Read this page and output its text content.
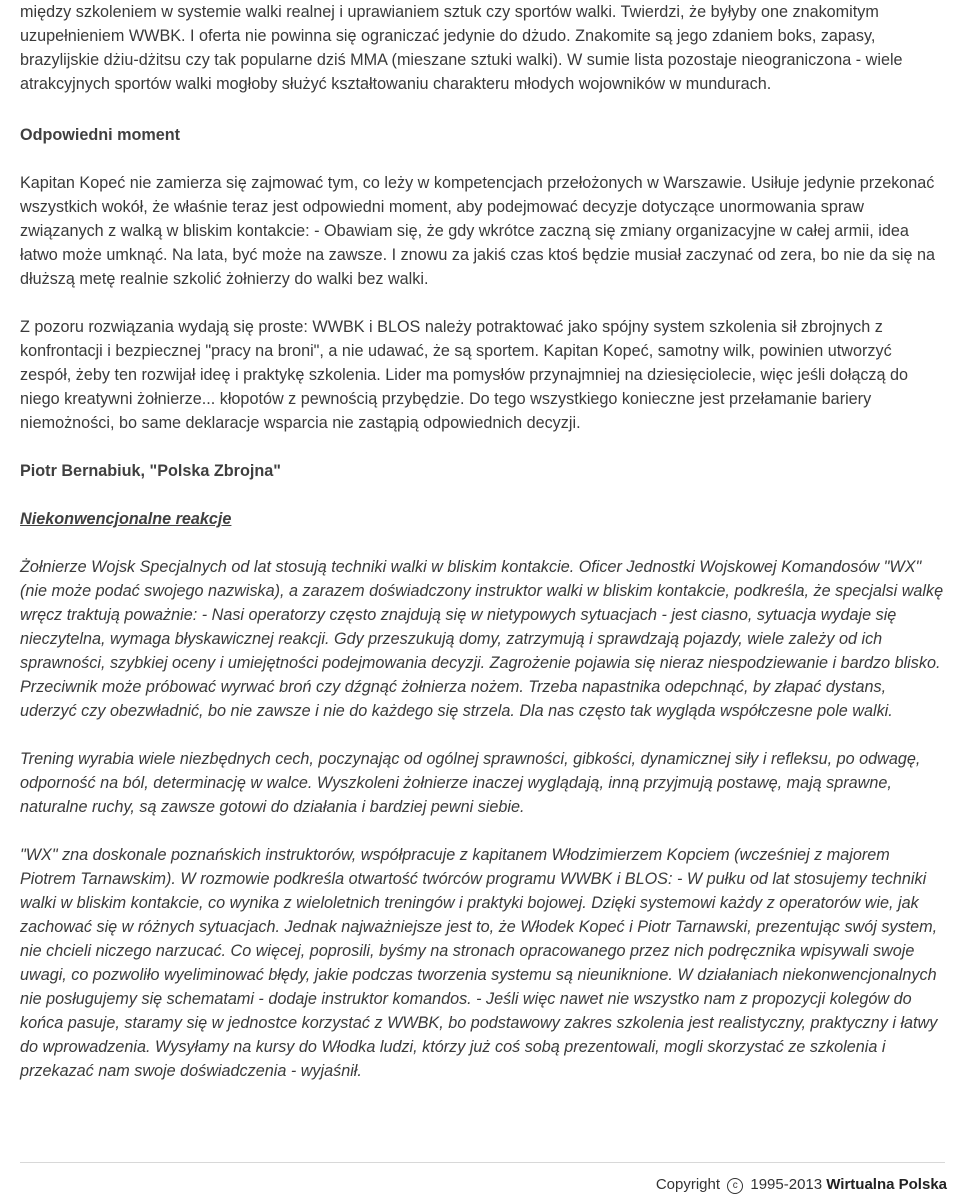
między szkoleniem w systemie walki realnej i uprawianiem sztuk czy sportów walki. Twierdzi, że byłyby one znakomitym uzupełnieniem WWBK. I oferta nie powinna się ograniczać jedynie do dżudo. Znakomite są jego zdaniem boks, zapasy, brazylijskie dżiu-dżitsu czy tak popularne dziś MMA (mieszane sztuki walki). W sumie lista pozostaje nieograniczona - wiele atrakcyjnych sportów walki mogłoby służyć kształtowaniu charakteru młodych wojowników w mundurach.

Odpowiedni moment

Kapitan Kopeć nie zamierza się zajmować tym, co leży w kompetencjach przełożonych w Warszawie. Usiłuje jedynie przekonać wszystkich wokół, że właśnie teraz jest odpowiedni moment, aby podejmować decyzje dotyczące unormowania spraw związanych z walką w bliskim kontakcie: - Obawiam się, że gdy wkrótce zaczną się zmiany organizacyjne w całej armii, idea łatwo może umknąć. Na lata, być może na zawsze. I znowu za jakiś czas ktoś będzie musiał zaczynać od zera, bo nie da się na dłuższą metę realnie szkolić żołnierzy do walki bez walki.

Z pozoru rozwiązania wydają się proste: WWBK i BLOS należy potraktować jako spójny system szkolenia sił zbrojnych z konfrontacji i bezpiecznej "pracy na broni", a nie udawać, że są sportem. Kapitan Kopeć, samotny wilk, powinien utworzyć zespół, żeby ten rozwijał ideę i praktykę szkolenia. Lider ma pomysłów przynajmniej na dziesięciolecie, więc jeśli dołączą do niego kreatywni żołnierze... kłopotów z pewnością przybędzie. Do tego wszystkiego konieczne jest przełamanie bariery niemożności, bo same deklaracje wsparcia nie zastąpią odpowiednich decyzji.

Piotr Bernabiuk, "Polska Zbrojna"

Niekonwencjonalne reakcje

Żołnierze Wojsk Specjalnych od lat stosują techniki walki w bliskim kontakcie. Oficer Jednostki Wojskowej Komandosów "WX" (nie może podać swojego nazwiska), a zarazem doświadczony instruktor walki w bliskim kontakcie, podkreśla, że specjalsi walkę wręcz traktują poważnie: - Nasi operatorzy często znajdują się w nietypowych sytuacjach - jest ciasno, sytuacja wydaje się nieczytelna, wymaga błyskawicznej reakcji. Gdy przeszukują domy, zatrzymują i sprawdzają pojazdy, wiele zależy od ich sprawności, szybkiej oceny i umiejętności podejmowania decyzji. Zagrożenie pojawia się nieraz niespodziewanie i bardzo blisko. Przeciwnik może próbować wyrwać broń czy dźgnąć żołnierza nożem. Trzeba napastnika odepchnąć, by złapać dystans, uderzyć czy obezwładnić, bo nie zawsze i nie do każdego się strzela. Dla nas często tak wygląda współczesne pole walki.

Trening wyrabia wiele niezbędnych cech, poczynając od ogólnej sprawności, gibkości, dynamicznej siły i refleksu, po odwagę, odporność na ból, determinację w walce. Wyszkoleni żołnierze inaczej wyglądają, inną przyjmują postawę, mają sprawne, naturalne ruchy, są zawsze gotowi do działania i bardziej pewni siebie.

"WX" zna doskonale poznańskich instruktorów, współpracuje z kapitanem Włodzimierzem Kopciem (wcześniej z majorem Piotrem Tarnawskim). W rozmowie podkreśla otwartość twórców programu WWBK i BLOS: - W pułku od lat stosujemy techniki walki w bliskim kontakcie, co wynika z wieloletnich treningów i praktyki bojowej. Dzięki systemowi każdy z operatorów wie, jak zachować się w różnych sytuacjach. Jednak najważniejsze jest to, że Włodek Kopeć i Piotr Tarnawski, prezentując swój system, nie chcieli niczego narzucać. Co więcej, poprosili, byśmy na stronach opracowanego przez nich podręcznika wpisywali swoje uwagi, co pozwoliło wyeliminować błędy, jakie podczas tworzenia systemu są nieuniknione. W działaniach niekonwencjonalnych nie posługujemy się schematami - dodaje instruktor komandos. - Jeśli więc nawet nie wszystko nam z propozycji kolegów do końca pasuje, staramy się w jednostce korzystać z WWBK, bo podstawowy zakres szkolenia jest realistyczny, praktyczny i łatwy do wprowadzenia. Wysyłamy na kursy do Włodka ludzi, którzy już coś sobą prezentowali, mogli skorzystać ze szkolenia i przekazać nam swoje doświadczenia - wyjaśnił.

Copyright c 1995-2013 Wirtualna Polska
